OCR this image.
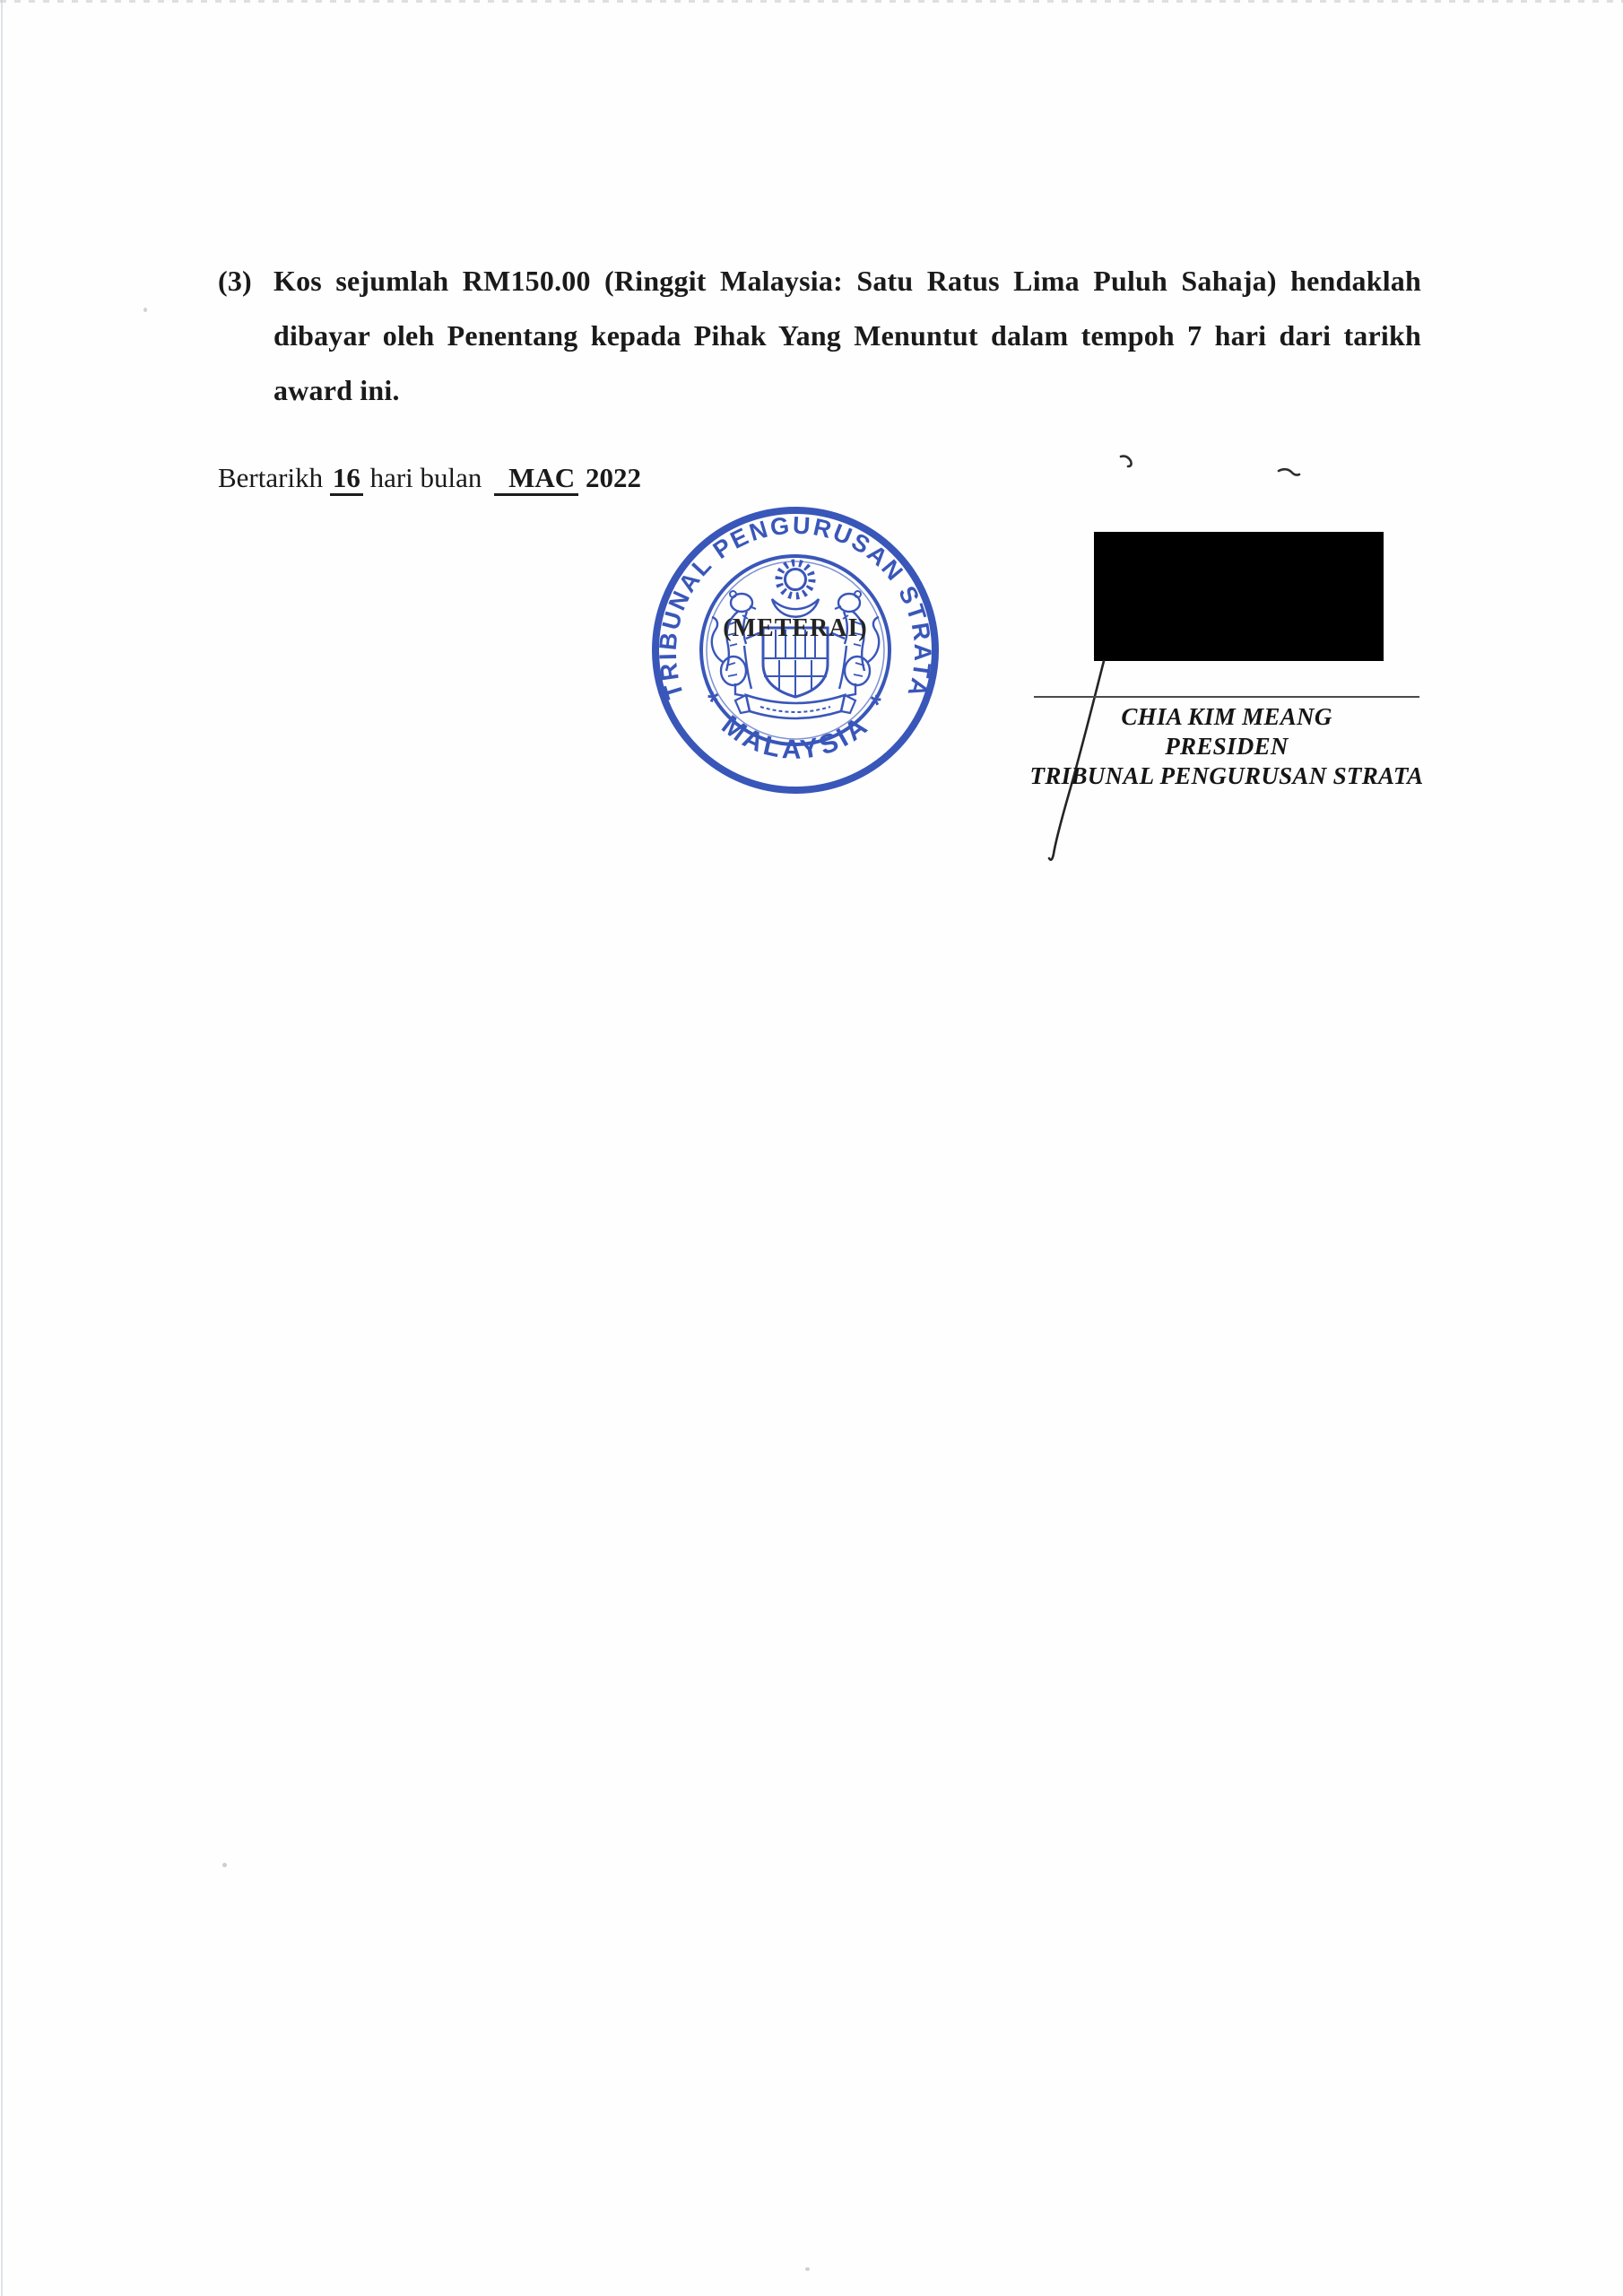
(3) Kos sejumlah RM150.00 (Ringgit Malaysia: Satu Ratus Lima Puluh Sahaja) hendaklah
dibayar oleh Penentang kepada Pihak Yang Menuntut dalam tempoh 7 hari dari tarikh
award ini.
Bertarikh 16 hari bulan MAC 2022
TRIBUNAL PENGURUSAN STRATA
* MALAYSIA *
(METERAI)
CHIA KIM MEANG
PRESIDEN
TRIBUNAL PENGURUSAN STRATA
